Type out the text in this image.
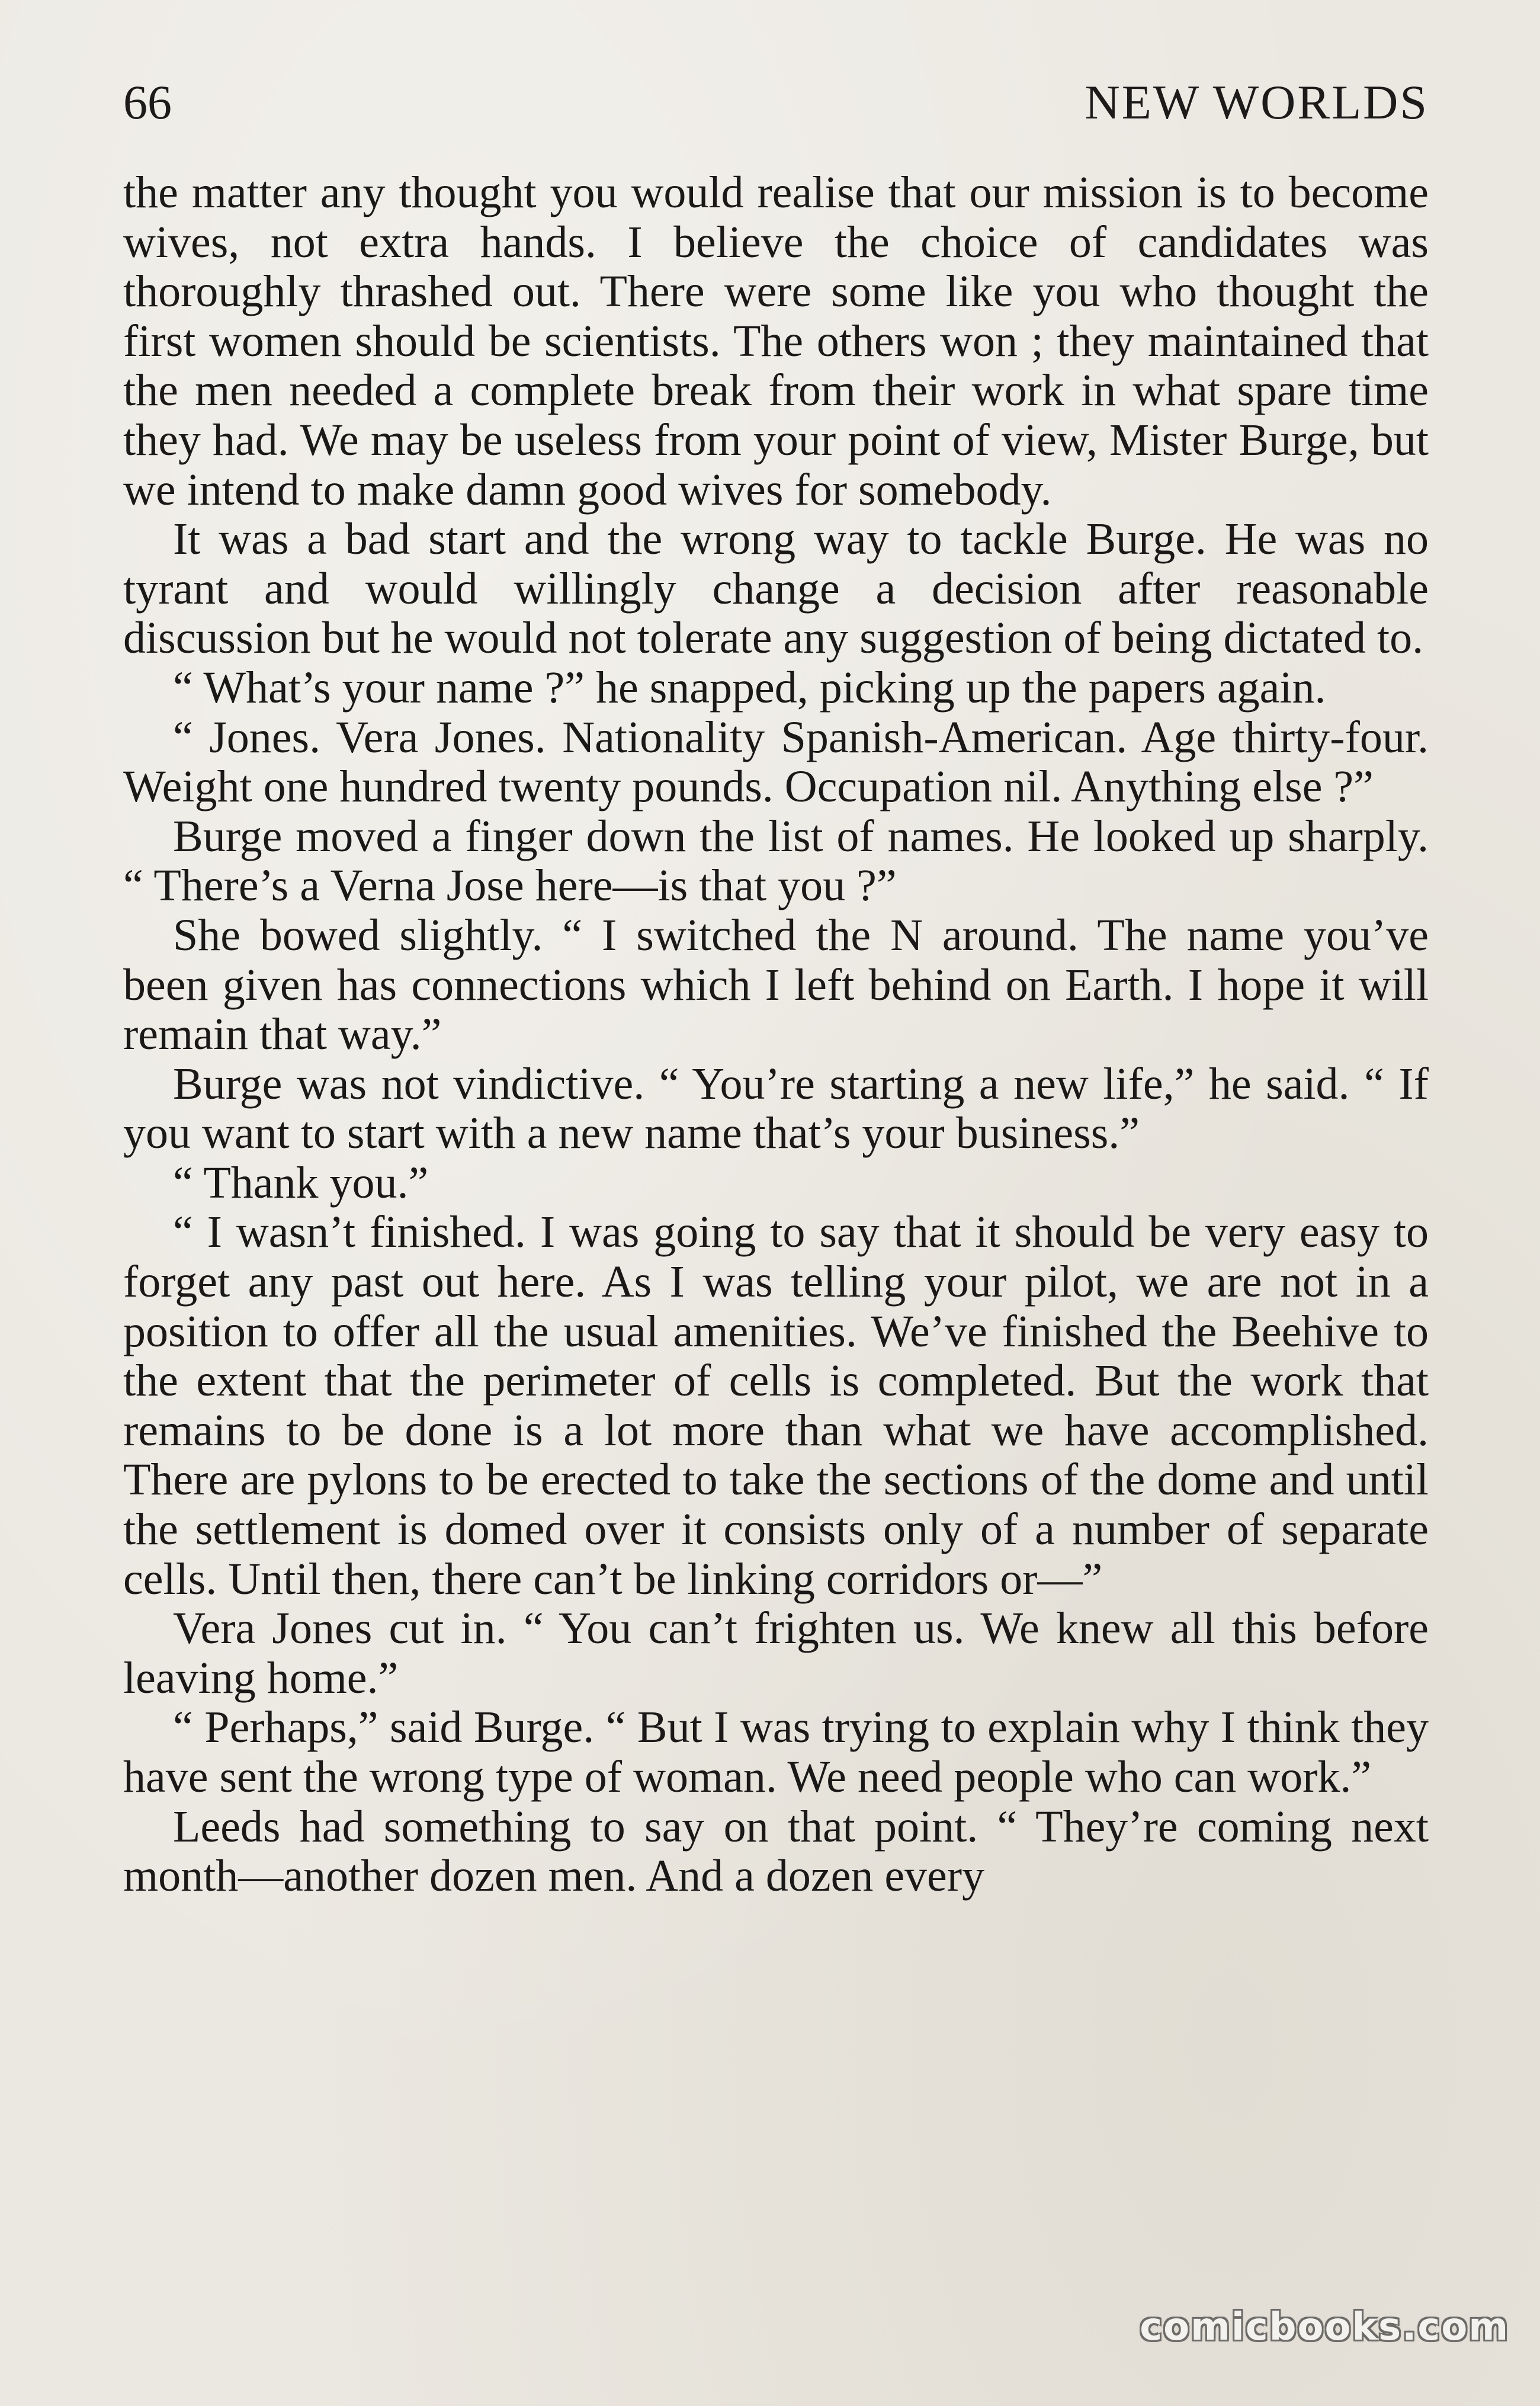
66	NEW WORLDS

the matter any thought you would realise that our mission is to become wives, not extra hands. I believe the choice of candidates was thoroughly thrashed out. There were some like you who thought the first women should be scientists. The others won ; they maintained that the men needed a complete break from their work in what spare time they had. We may be useless from your point of view, Mister Burge, but we intend to make damn good wives for somebody.

It was a bad start and the wrong way to tackle Burge. He was no tyrant and would willingly change a decision after reasonable discussion but he would not tolerate any suggestion of being dictated to.

“ What’s your name ?” he snapped, picking up the papers again.

“ Jones. Vera Jones. Nationality Spanish-American. Age thirty-four. Weight one hundred twenty pounds. Occupation nil. Anything else ?”

Burge moved a finger down the list of names. He looked up sharply. “ There’s a Verna Jose here—is that you ?”

She bowed slightly. “ I switched the N around. The name you’ve been given has connections which I left behind on Earth. I hope it will remain that way.”

Burge was not vindictive. “ You’re starting a new life,” he said. “ If you want to start with a new name that’s your business.”

“ Thank you.”

“ I wasn’t finished. I was going to say that it should be very easy to forget any past out here. As I was telling your pilot, we are not in a position to offer all the usual amenities. We’ve finished the Beehive to the extent that the perimeter of cells is completed. But the work that remains to be done is a lot more than what we have accomplished. There are pylons to be erected to take the sections of the dome and until the settlement is domed over it consists only of a number of separate cells. Until then, there can’t be linking corridors or—”

Vera Jones cut in. “ You can’t frighten us. We knew all this before leaving home.”

“ Perhaps,” said Burge. “ But I was trying to explain why I think they have sent the wrong type of woman. We need people who can work.”

Leeds had something to say on that point. “ They’re coming next month—another dozen men. And a dozen every

comicbooks.com
